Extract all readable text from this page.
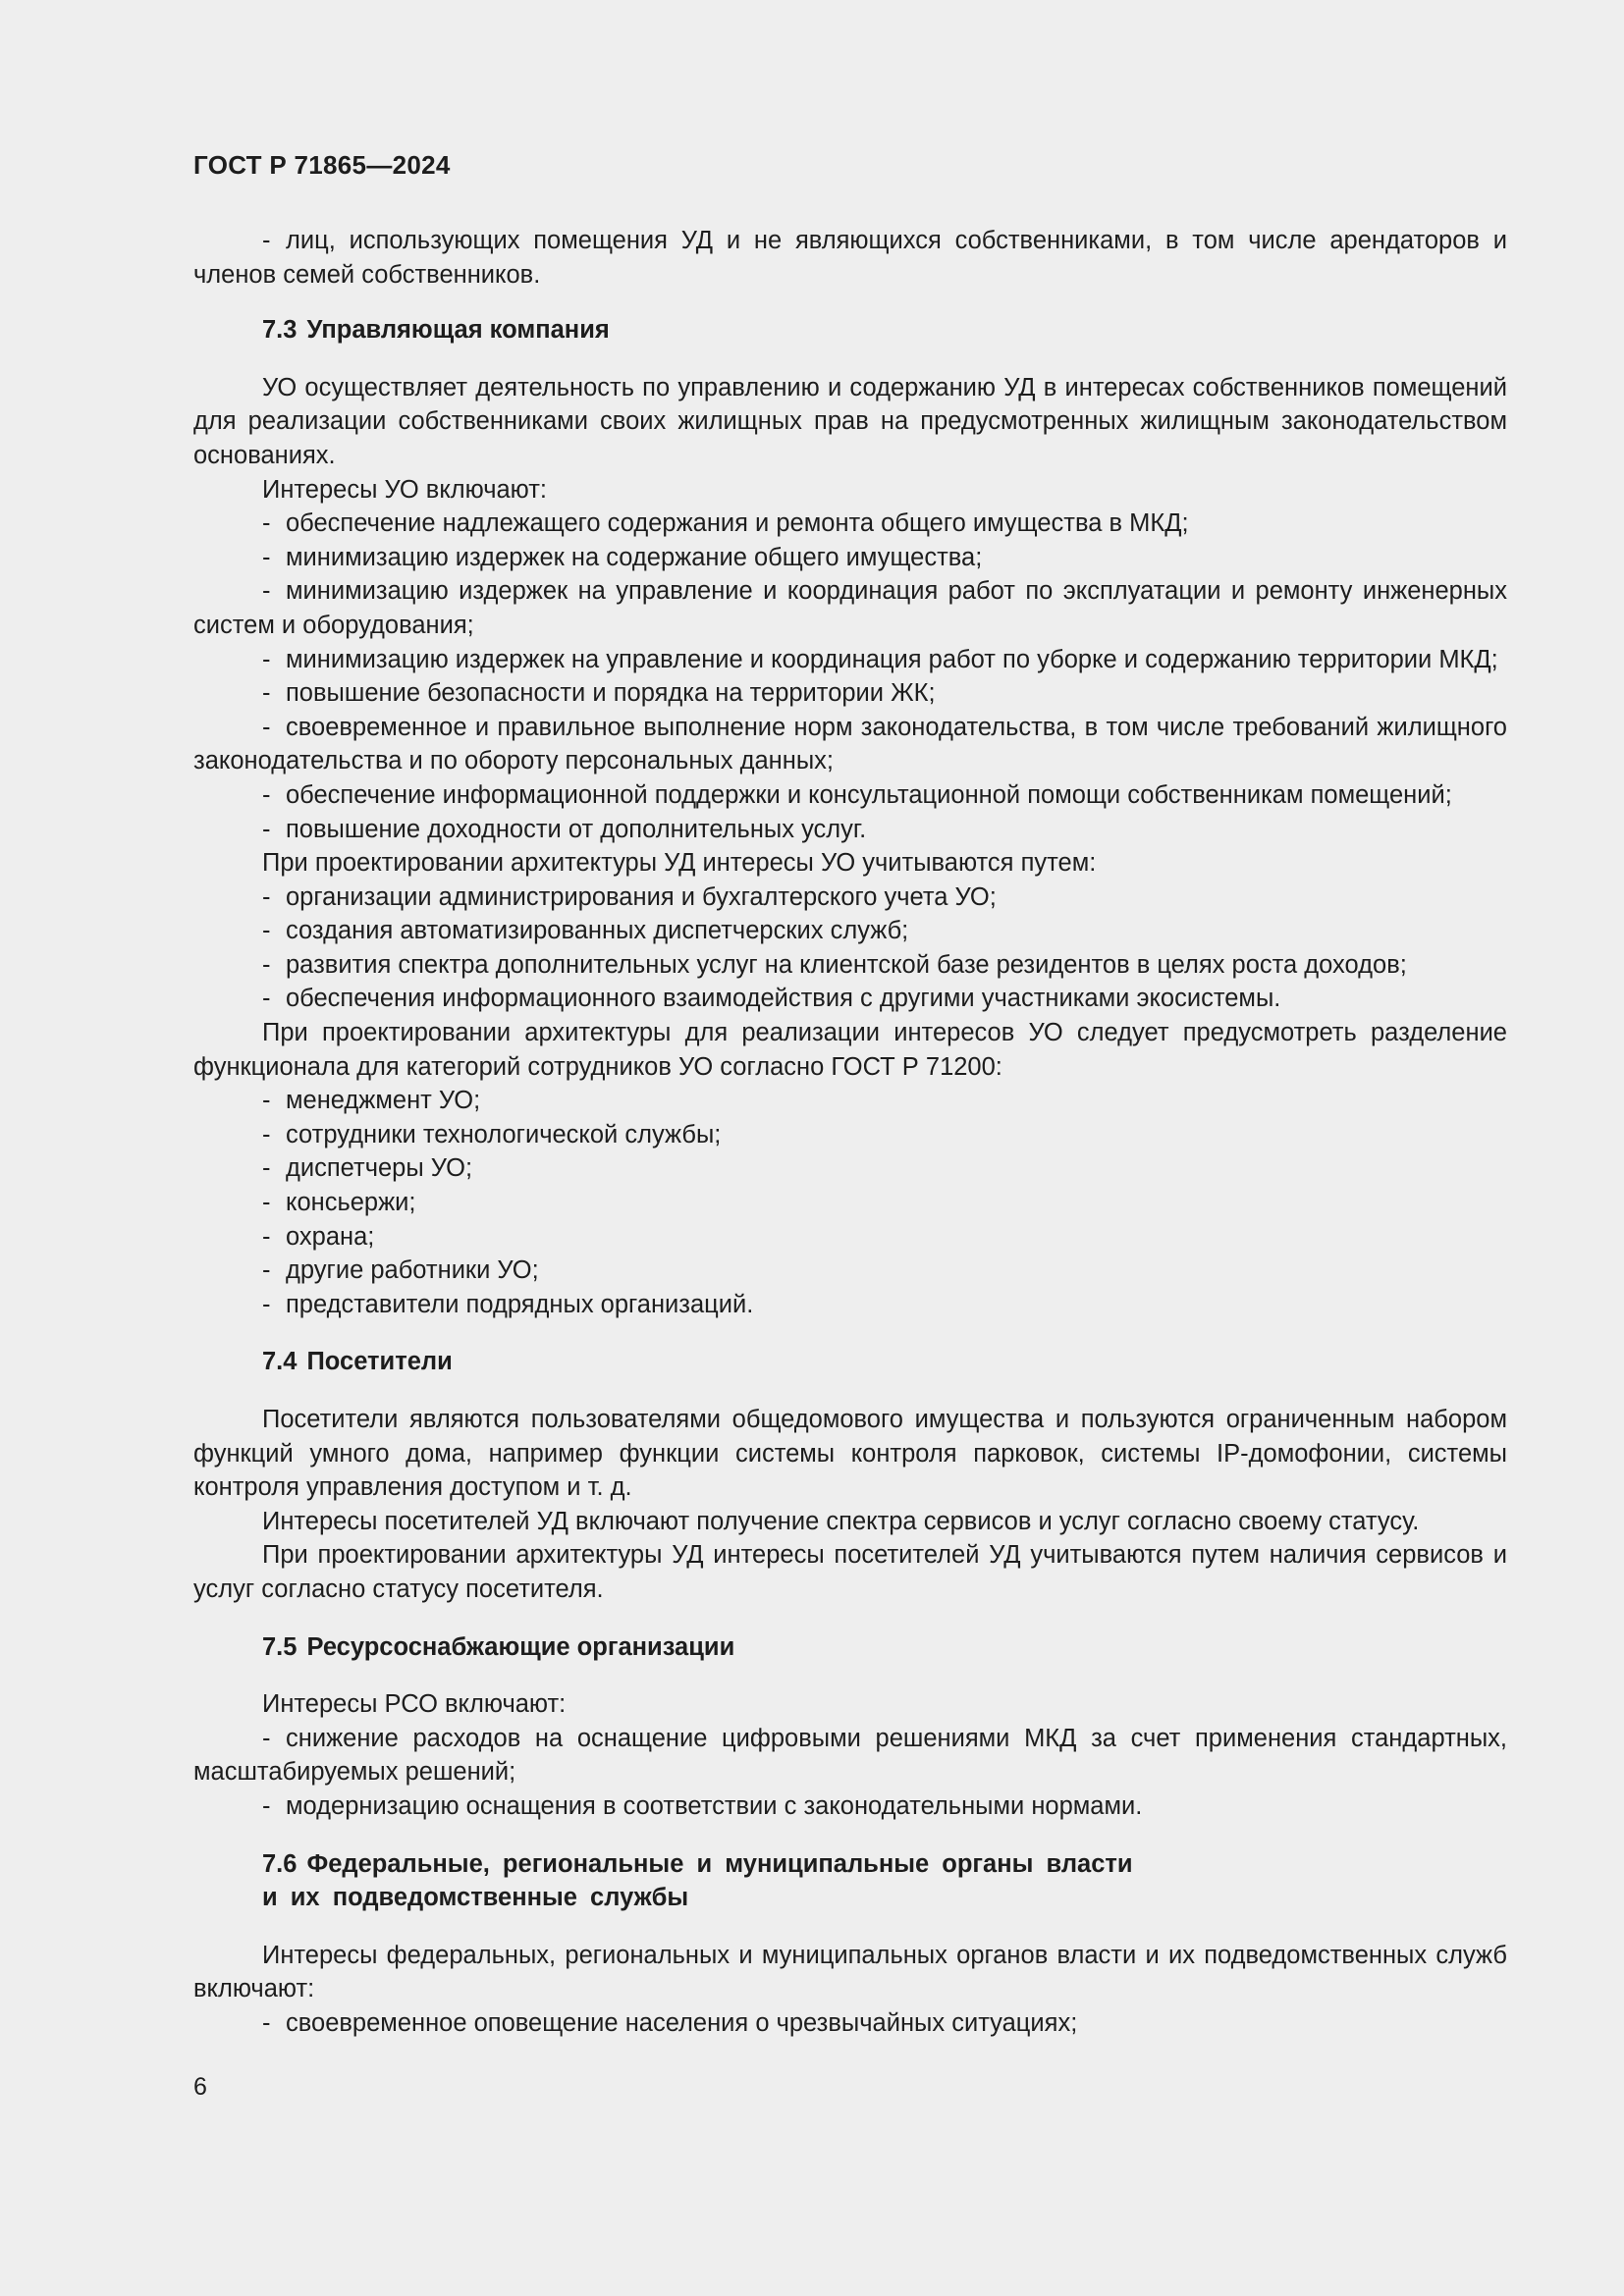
ГОСТ Р 71865—2024

- лиц, использующих помещения УД и не являющихся собственниками, в том числе арендаторов и членов семей собственников.

7.3 Управляющая компания

УО осуществляет деятельность по управлению и содержанию УД в интересах собственников помещений для реализации собственниками своих жилищных прав на предусмотренных жилищным законодательством основаниях.

Интересы УО включают:

- обеспечение надлежащего содержания и ремонта общего имущества в МКД;

- минимизацию издержек на содержание общего имущества;

- минимизацию издержек на управление и координация работ по эксплуатации и ремонту инженерных систем и оборудования;

- минимизацию издержек на управление и координация работ по уборке и содержанию территории МКД;

- повышение безопасности и порядка на территории ЖК;

- своевременное и правильное выполнение норм законодательства, в том числе требований жилищного законодательства и по обороту персональных данных;

- обеспечение информационной поддержки и консультационной помощи собственникам помещений;

- повышение доходности от дополнительных услуг.

При проектировании архитектуры УД интересы УО учитываются путем:

- организации администрирования и бухгалтерского учета УО;

- создания автоматизированных диспетчерских служб;

- развития спектра дополнительных услуг на клиентской базе резидентов в целях роста доходов;

- обеспечения информационного взаимодействия с другими участниками экосистемы.

При проектировании архитектуры для реализации интересов УО следует предусмотреть разделение функционала для категорий сотрудников УО согласно ГОСТ Р 71200:

- менеджмент УО;

- сотрудники технологической службы;

- диспетчеры УО;

- консьержи;

- охрана;

- другие работники УО;

- представители подрядных организаций.

7.4 Посетители

Посетители являются пользователями общедомового имущества и пользуются ограниченным набором функций умного дома, например функции системы контроля парковок, системы IP-домофонии, системы контроля управления доступом и т. д.

Интересы посетителей УД включают получение спектра сервисов и услуг согласно своему статусу.

При проектировании архитектуры УД интересы посетителей УД учитываются путем наличия сервисов и услуг согласно статусу посетителя.

7.5 Ресурсоснабжающие организации

Интересы РСО включают:

- снижение расходов на оснащение цифровыми решениями МКД за счет применения стандартных, масштабируемых решений;

- модернизацию оснащения в соответствии с законодательными нормами.

7.6 Федеральные, региональные и муниципальные органы власти
и их подведомственные службы

Интересы федеральных, региональных и муниципальных органов власти и их подведомственных служб включают:

- своевременное оповещение населения о чрезвычайных ситуациях;

6
